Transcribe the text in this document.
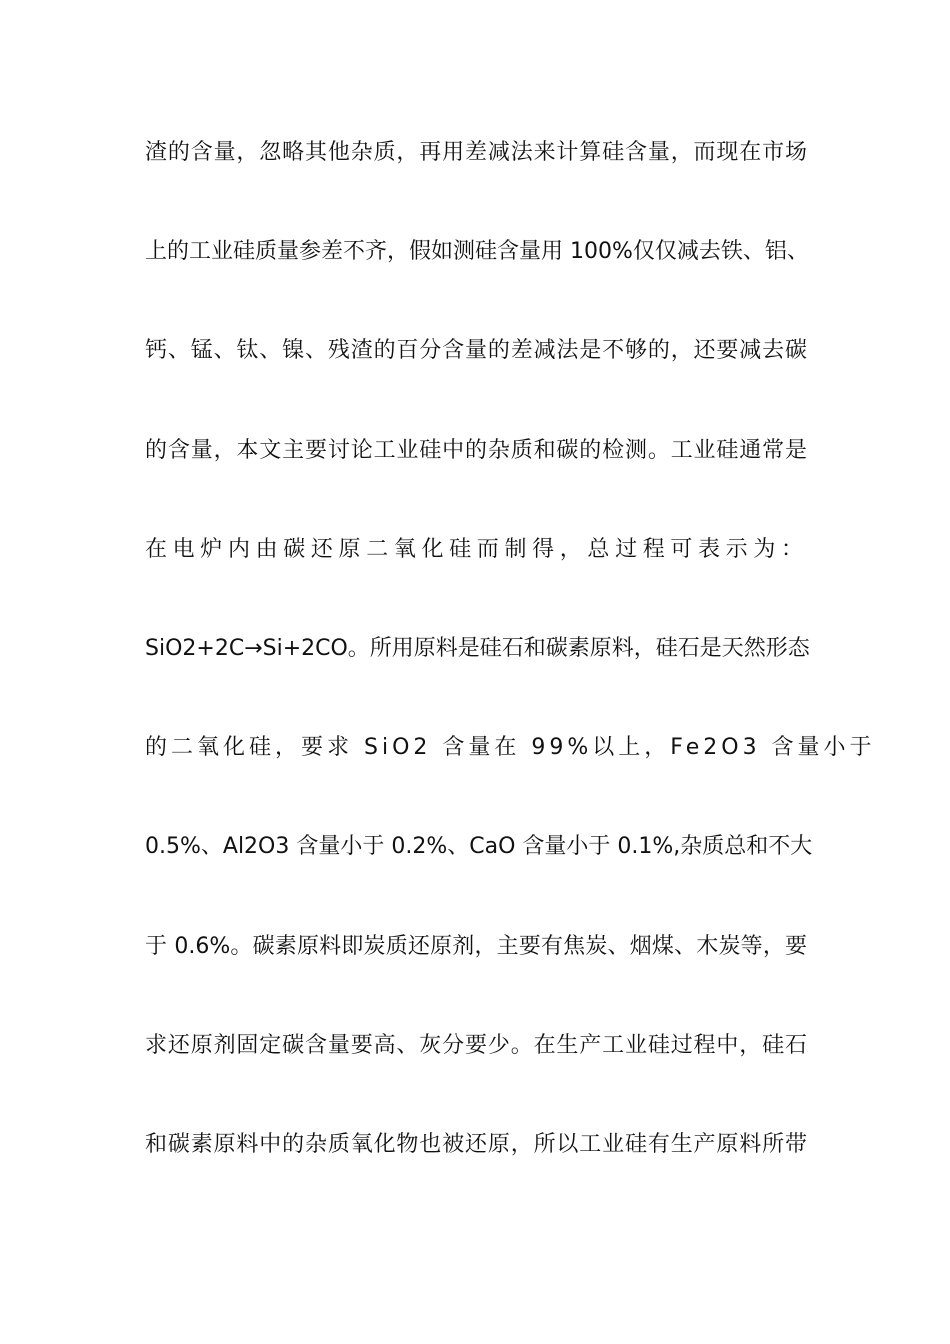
渣的含量，忽略其他杂质，再用差减法来计算硅含量，而现在市场
上的工业硅质量参差不齐，假如测硅含量用 100%仅仅减去铁、铝、
钙、锰、钛、镍、残渣的百分含量的差减法是不够的，还要减去碳
的含量，本文主要讨论工业硅中的杂质和碳的检测。工业硅通常是
在电炉内由碳还原二氧化硅而制得，总过程可表示为：
SiO2+2C→Si+2CO。所用原料是硅石和碳素原料，硅石是天然形态
的二氧化硅，要求 SiO2 含量在 99%以上，Fe2O3 含量小于
0.5%、Al2O3 含量小于 0.2%、CaO 含量小于 0.1%,杂质总和不大
于 0.6%。碳素原料即炭质还原剂，主要有焦炭、烟煤、木炭等，要
求还原剂固定碳含量要高、灰分要少。在生产工业硅过程中，硅石
和碳素原料中的杂质氧化物也被还原，所以工业硅有生产原料所带
